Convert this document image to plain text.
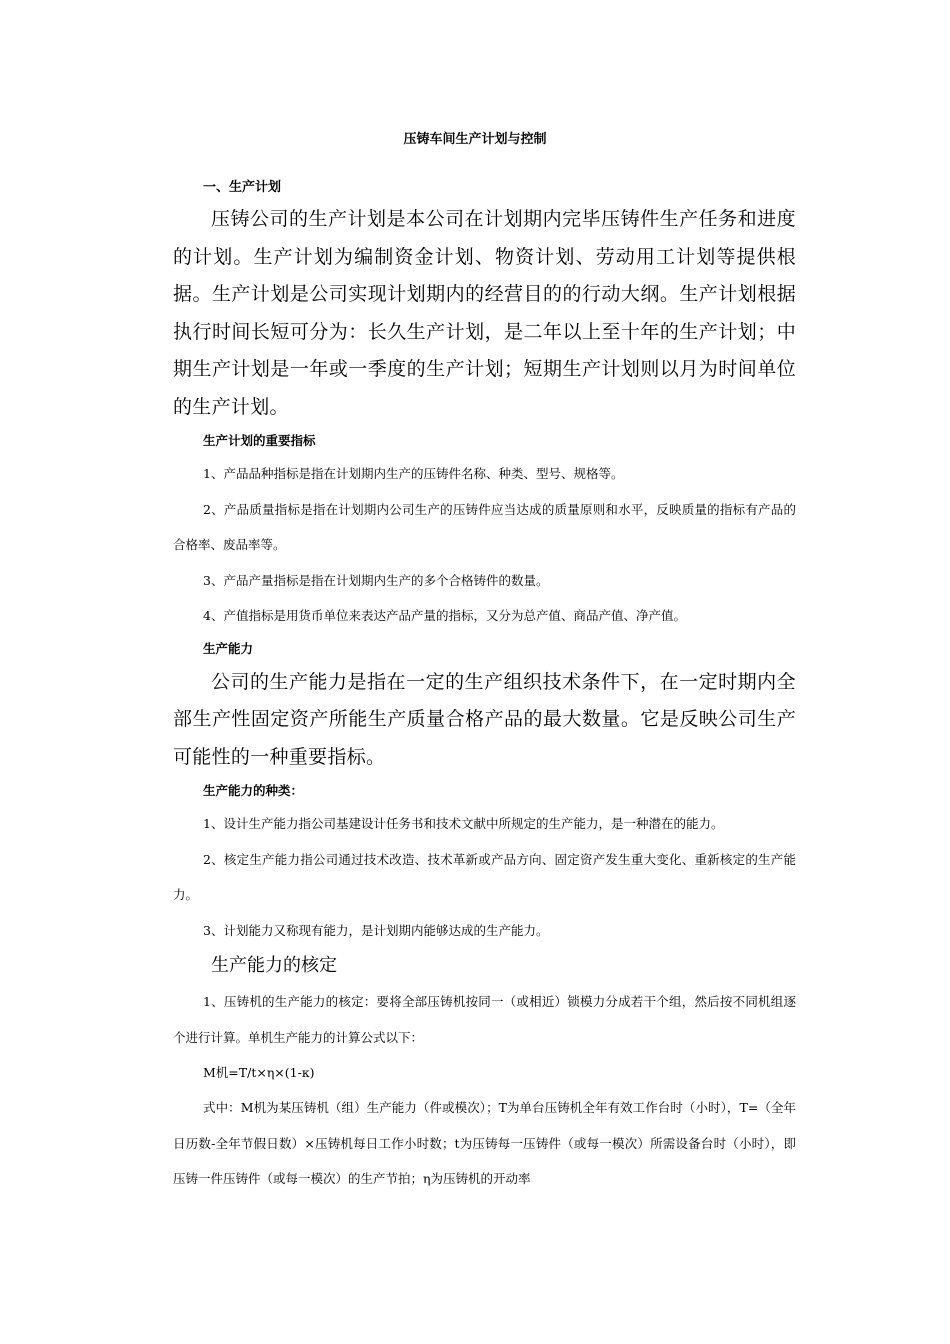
压铸车间生产计划与控制
一、生产计划

压铸公司的生产计划是本公司在计划期内完毕压铸件生产任务和进度的计划。生产计划为编制资金计划、物资计划、劳动用工计划等提供根据。生产计划是公司实现计划期内的经营目的的行动大纲。生产计划根据执行时间长短可分为：长久生产计划，是二年以上至十年的生产计划；中期生产计划是一年或一季度的生产计划；短期生产计划则以月为时间单位的生产计划。

生产计划的重要指标

1、产品品种指标是指在计划期内生产的压铸件名称、种类、型号、规格等。

2、产品质量指标是指在计划期内公司生产的压铸件应当达成的质量原则和水平，反映质量的指标有产品的合格率、废品率等。

3、产品产量指标是指在计划期内生产的多个合格铸件的数量。

4、产值指标是用货币单位来表达产品产量的指标，又分为总产值、商品产值、净产值。

生产能力

公司的生产能力是指在一定的生产组织技术条件下，在一定时期内全部生产性固定资产所能生产质量合格产品的最大数量。它是反映公司生产可能性的一种重要指标。

生产能力的种类：

1、设计生产能力指公司基建设计任务书和技术文献中所规定的生产能力，是一种潜在的能力。

2、核定生产能力指公司通过技术改造、技术革新或产品方向、固定资产发生重大变化、重新核定的生产能力。

3、计划能力又称现有能力，是计划期内能够达成的生产能力。

生产能力的核定

1、压铸机的生产能力的核定：要将全部压铸机按同一（或相近）锁模力分成若干个组，然后按不同机组逐个进行计算。单机生产能力的计算公式以下：

M机=T/t×η×(1-κ)

式中：M机为某压铸机（组）生产能力（件或模次）；T为单台压铸机全年有效工作台时（小时），T=（全年日历数-全年节假日数）×压铸机每日工作小时数；t为压铸每一压铸件（或每一模次）所需设备台时（小时），即压铸一件压铸件（或每一模次）的生产节拍；η为压铸机的开动率
